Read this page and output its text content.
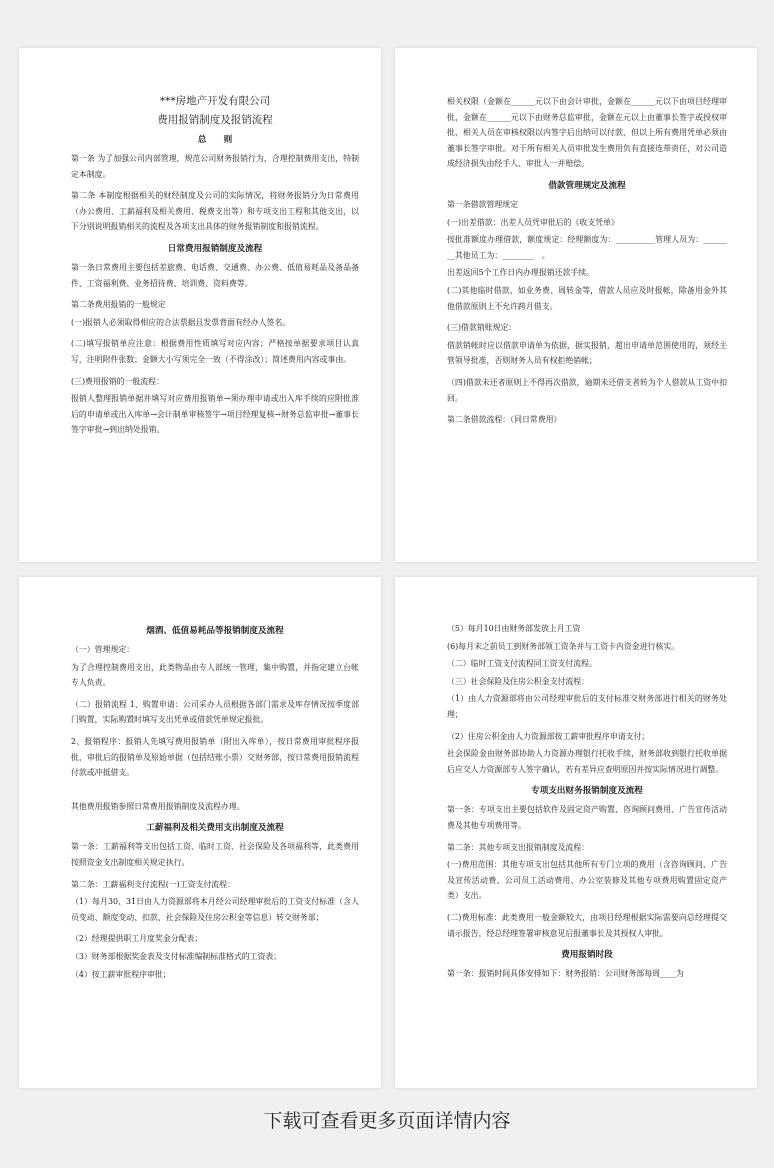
***房地产开发有限公司
费用报销制度及报销流程
总　　则
第一条 为了加强公司内部管理，规范公司财务报销行为，合理控制费用支出，特制定本制度。
第二条 本制度根据相关的财经制度及公司的实际情况，将财务报销分为日常费用（办公费用、工薪福利及相关费用、税费支出等）和专项支出工程和其他支出，以下分别说明报销相关的流程及各项支出具体的财务报销制度和报销流程。
日常费用报销制度及流程
第一条日常费用主要包括差旅费、电话费、交通费、办公费、低值易耗品及备品备件、工资福利费、业务招待费、培训费、资料费等。
第二条费用报销的一般规定
(一)报销人必须取得相应的合法票据且发票背面有经办人签名。
(二)填写报销单应注意：根据费用性质填写对应内容；严格按单据要求项目认真写，注明附件张数；金额大小写须完全一致（不得涂改）；简述费用内容或事由。
(三)费用报销的一般流程：
报销人整理报销单据并填写对应费用报销单→须办理申请或出入库手续的应附批准后的申请单或出入库单→会计制单审核签字→项目经理复核→财务总监审批→董事长签字审批→到出纳处报销。
相关权限（金额在______元以下由会计审批，金额在______元以下由项目经理审批，金额在______元以下由财务总监审批，金额在元以上由董事长签字或授权审批，相关人员在审核权限以内签字后出纳可以付款，但以上所有费用凭单必须由董事长签字审批。对于所有相关人员审批发生费用负有直接连带责任，对公司造成经济损失由经手人、审批人一并赔偿。
借款管理规定及流程
第一条借款管理规定
(一)出差借款：出差人员凭审批后的《收支凭单》
按批准额度办理借款，额度规定：经理额度为：__________管理人员为：________其他员工为：________　。
出差返回5个工作日内办理报销还款手续。
(二)其他临时借款，如业务费、周转金等，借款人员应及时报帐，除备用金外其他借款原则上不允许跨月借支。
(三)借款销账规定：
借款销帐时应以借款申请单为依据，据实报销，超出申请单范围使用的，须经主管领导批准，否则财务人员有权拒绝销帐；
（四)借款未还者原则上不得再次借款，逾期未还借支者转为个人借款从工资中扣回。
第二条借款流程：（同日常费用）
烟酒、低值易耗品等报销制度及流程
（一）管理规定：
为了合理控制费用支出，此类物品由专人部统一管理，集中购置，并指定建立台帐专人负责。
（二）报销流程 1、购置申请：公司采办人员根据各部门需求及库存情况按季度部门购置，实际购置时填写支出凭单或借款凭单规定报批。
2、报销程序：报销人先填写费用报销单（附出入库单），按日常费用审批程序报批，审批后的报销单及原始单据（包括结账小票）交财务部，按日常费用报销流程付款或冲抵借支。
其他费用报销参照日常费用报销制度及流程办理。
工薪福利及相关费用支出制度及流程
第一条：工薪福利等支出包括工资、临时工资、社会保险及各项福利等，此类费用按照资金支出制度相关规定执行。
第二条：工薪福利支付流程(一)工资支付流程：
（1）每月30、31日由人力资源部将本月经公司经理审批后的工资支付标准（含人员变动、额度变动、扣款、社会保险及住房公积金等信息）转交财务部；
（2）经理提供职工月度奖金分配表；
（3）财务部根据奖金表及支付标准编制标准格式的工资表；
（4）按工薪审批程序审批；
（5）每月10日由财务部发放上月工资
(6)每月末之前员工到财务部领工资条并与工资卡内资金进行核实。
（二）临时工资支付流程同工资支付流程。
（三）社会保险及住房公积金支付流程：
（1）由人力资源部将由公司经理审批后的支付标准交财务部进行相关的财务处理；
（2）住房公积金由人力资源部按工薪审批程序申请支付；
社会保险金由财务部协助人力资源办理银行托收手续，财务部收到银行托收单据后应交人力资源部专人签字确认，若有差异应查明原因并按实际情况进行调整。
专项支出财务报销制度及流程
第一条：专项支出主要包括软件及固定资产购置、咨询顾问费用、广告宣传活动费及其他专项费用等。
第二条：其他专项支出报销制度及流程：
(一)费用范围：其他专项支出包括其他所有专门立项的费用（含咨询顾问、广告及宣传活动费、公司员工活动费用、办公室装修及其他专项费用购置固定资产类）支出。
(二)费用标准：此类费用一般金额较大，由项目经理根据实际需要向总经理提交请示报告，经总经理签署审核意见后报董事长及其授权人审批。
费用报销时段
第一条：报销时间具体安排如下：财务报销：公司财务部每周____为
下载可查看更多页面详情内容
